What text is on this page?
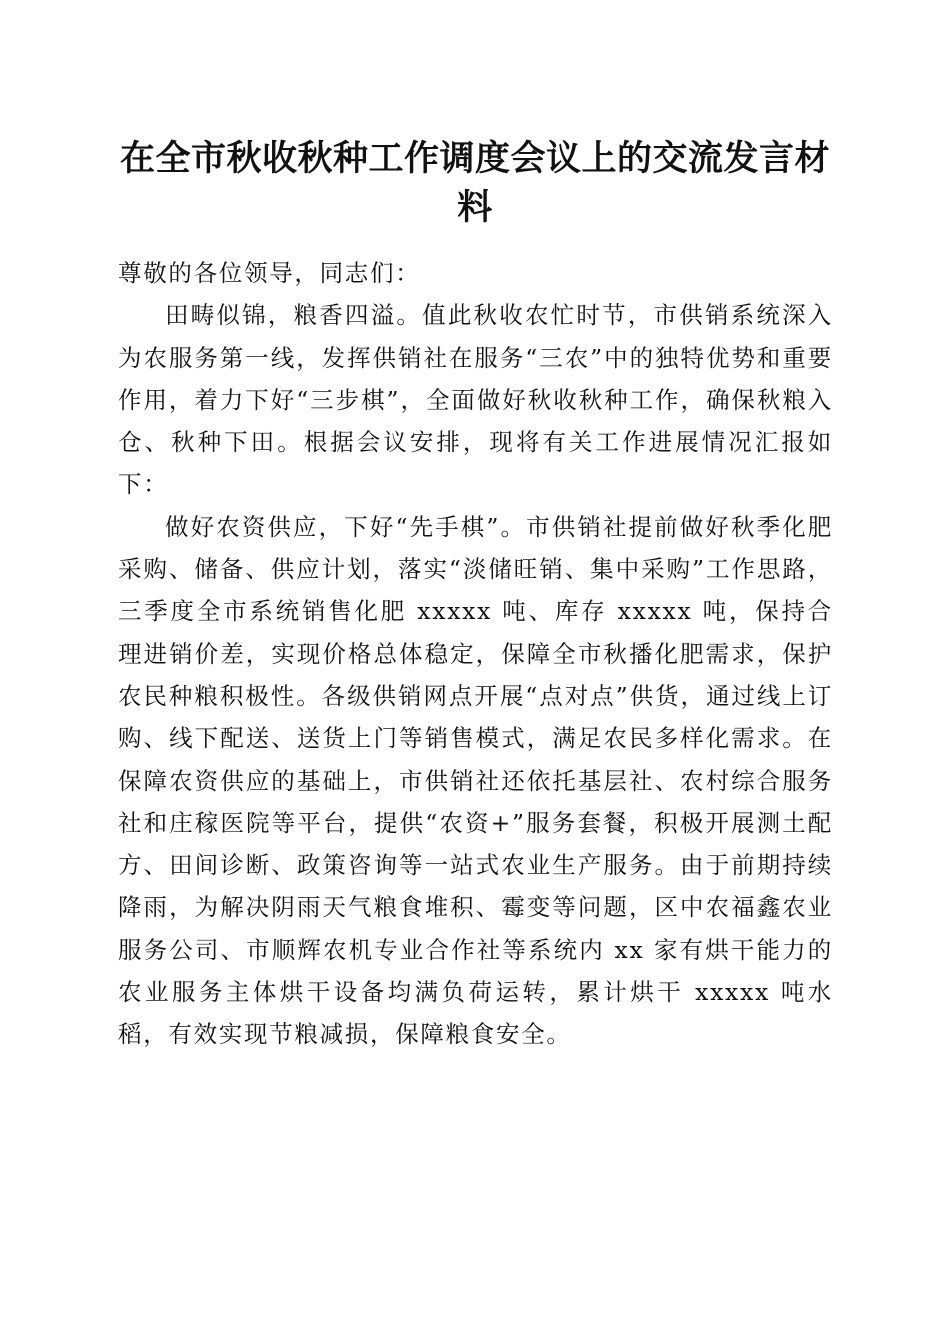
在全市秋收秋种工作调度会议上的交流发言材料

尊敬的各位领导，同志们：

田畴似锦，粮香四溢。值此秋收农忙时节，市供销系统深入为农服务第一线，发挥供销社在服务“三农”中的独特优势和重要作用，着力下好“三步棋”，全面做好秋收秋种工作，确保秋粮入仓、秋种下田。根据会议安排，现将有关工作进展情况汇报如下：

做好农资供应，下好“先手棋”。市供销社提前做好秋季化肥采购、储备、供应计划，落实“淡储旺销、集中采购”工作思路，三季度全市系统销售化肥 xxxxx 吨、库存 xxxxx 吨，保持合理进销价差，实现价格总体稳定，保障全市秋播化肥需求，保护农民种粮积极性。各级供销网点开展“点对点”供货，通过线上订购、线下配送、送货上门等销售模式，满足农民多样化需求。在保障农资供应的基础上，市供销社还依托基层社、农村综合服务社和庄稼医院等平台，提供“农资+”服务套餐，积极开展测土配方、田间诊断、政策咨询等一站式农业生产服务。由于前期持续降雨，为解决阴雨天气粮食堆积、霉变等问题，区中农福鑫农业服务公司、市顺辉农机专业合作社等系统内 xx 家有烘干能力的农业服务主体烘干设备均满负荷运转，累计烘干 xxxxx 吨水稻，有效实现节粮减损，保障粮食安全。
